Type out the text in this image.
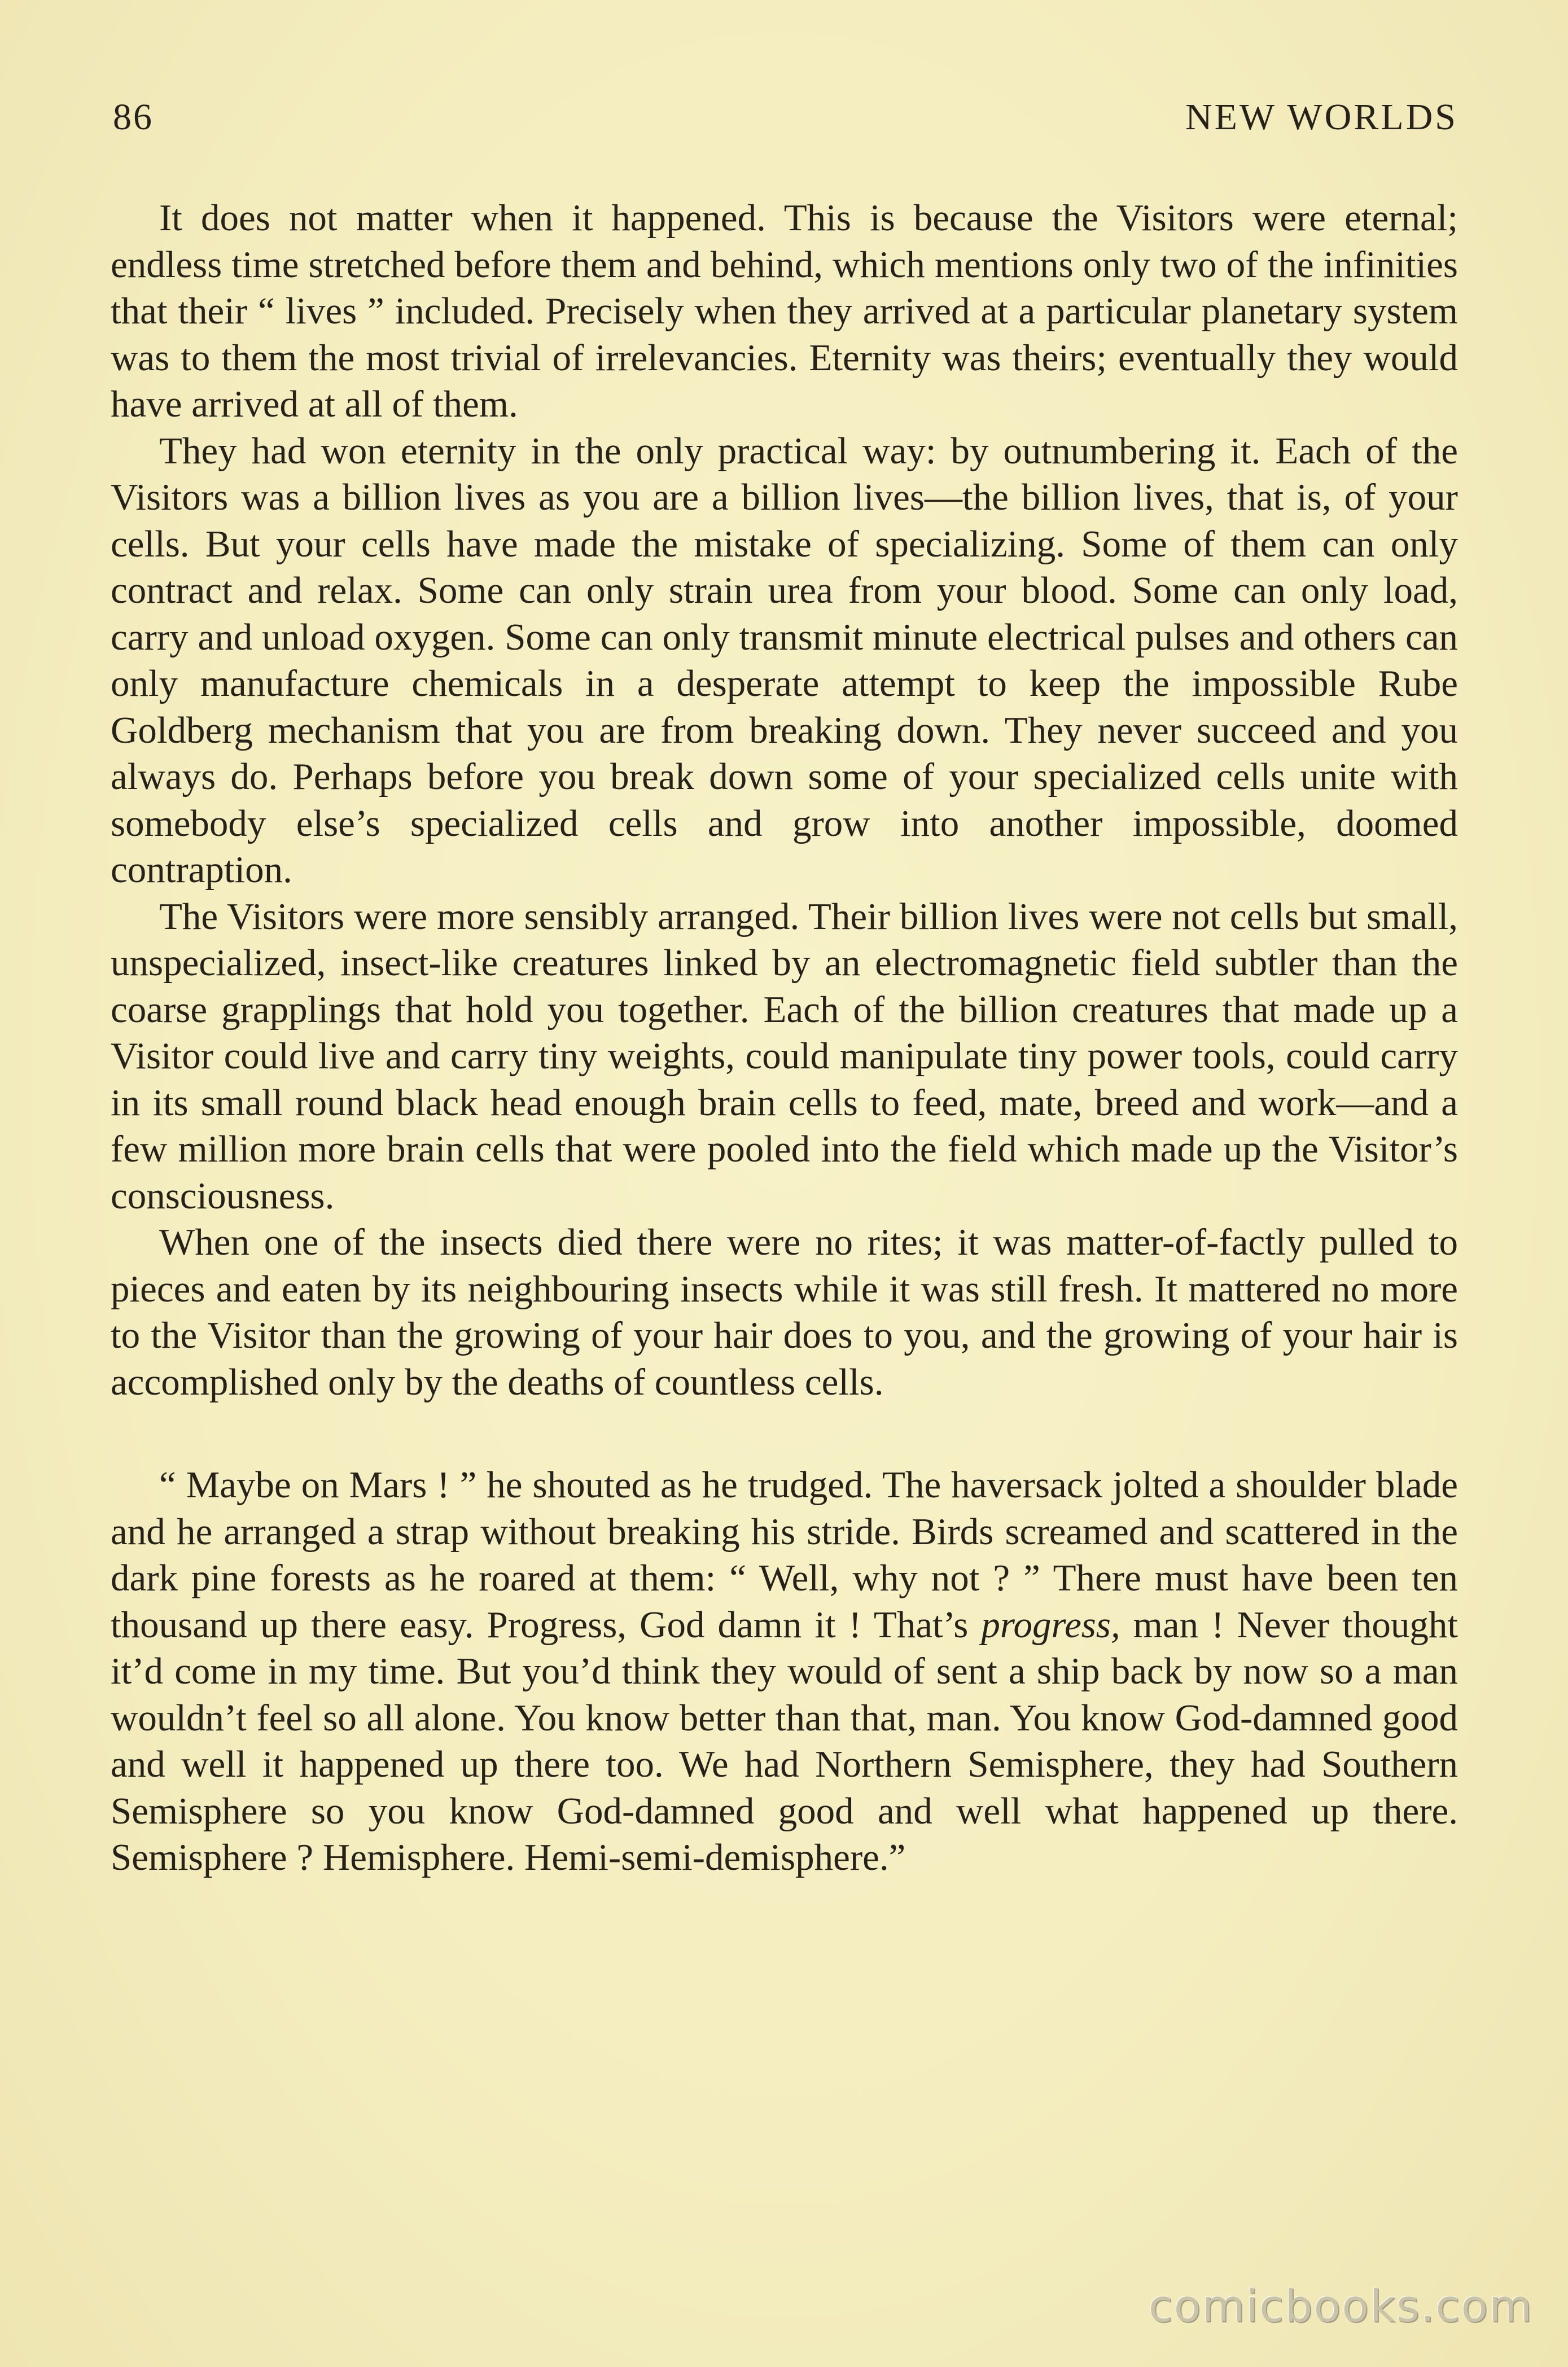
86	NEW WORLDS

It does not matter when it happened. This is because the Visitors were eternal; endless time stretched before them and behind, which mentions only two of the infinities that their “ lives ” included. Precisely when they arrived at a particular planetary system was to them the most trivial of irrelevancies. Eternity was theirs; eventually they would have arrived at all of them.

They had won eternity in the only practical way: by outnumbering it. Each of the Visitors was a billion lives as you are a billion lives—the billion lives, that is, of your cells. But your cells have made the mistake of specializing. Some of them can only contract and relax. Some can only strain urea from your blood. Some can only load, carry and unload oxygen. Some can only transmit minute electrical pulses and others can only manufacture chemicals in a desperate attempt to keep the impossible Rube Goldberg mechanism that you are from breaking down. They never succeed and you always do. Perhaps before you break down some of your specialized cells unite with somebody else’s specialized cells and grow into another impossible, doomed contraption.

The Visitors were more sensibly arranged. Their billion lives were not cells but small, unspecialized, insect-like creatures linked by an electromagnetic field subtler than the coarse grapplings that hold you together. Each of the billion creatures that made up a Visitor could live and carry tiny weights, could manipulate tiny power tools, could carry in its small round black head enough brain cells to feed, mate, breed and work—and a few million more brain cells that were pooled into the field which made up the Visitor’s consciousness.

When one of the insects died there were no rites; it was matter-of-factly pulled to pieces and eaten by its neighbouring insects while it was still fresh. It mattered no more to the Visitor than the growing of your hair does to you, and the growing of your hair is accomplished only by the deaths of countless cells.

“ Maybe on Mars ! ” he shouted as he trudged. The haversack jolted a shoulder blade and he arranged a strap without breaking his stride. Birds screamed and scattered in the dark pine forests as he roared at them: “ Well, why not ? ” There must have been ten thousand up there easy. Progress, God damn it ! That’s progress, man ! Never thought it’d come in my time. But you’d think they would of sent a ship back by now so a man wouldn’t feel so all alone. You know better than that, man. You know God-damned good and well it happened up there too. We had Northern Semisphere, they had Southern Semisphere so you know God-damned good and well what happened up there. Semisphere ? Hemisphere. Hemi-semi-demisphere.”

comicbooks.com
